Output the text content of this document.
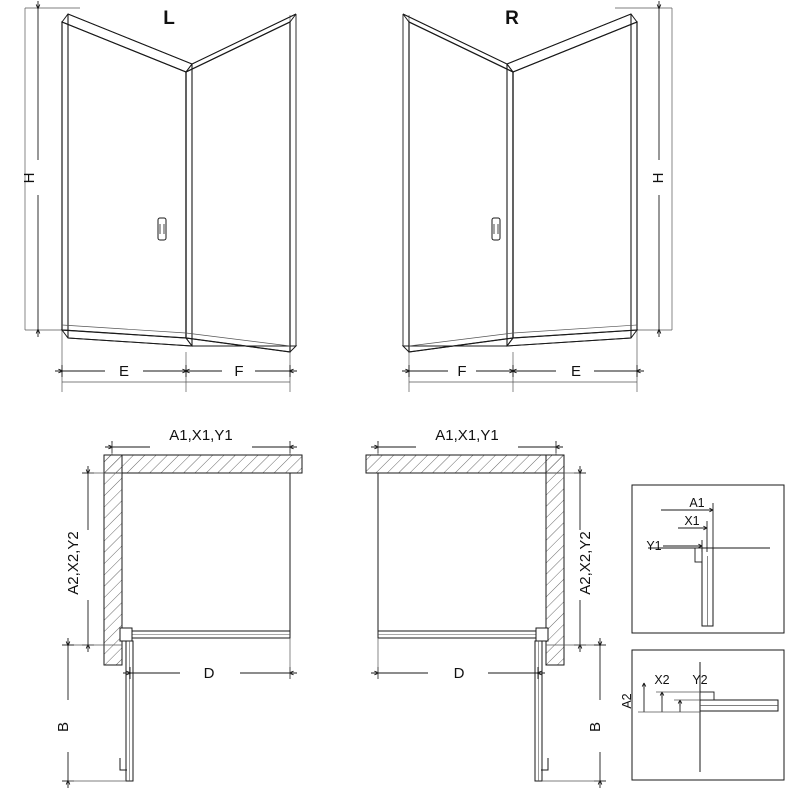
L	R
H	H
E	F	F	E
A1,X1,Y1	A1,X1,Y1
A2,X2,Y2	A2,X2,Y2
D	D
B	B
A1
X1
Y1
A2
X2 Y2
